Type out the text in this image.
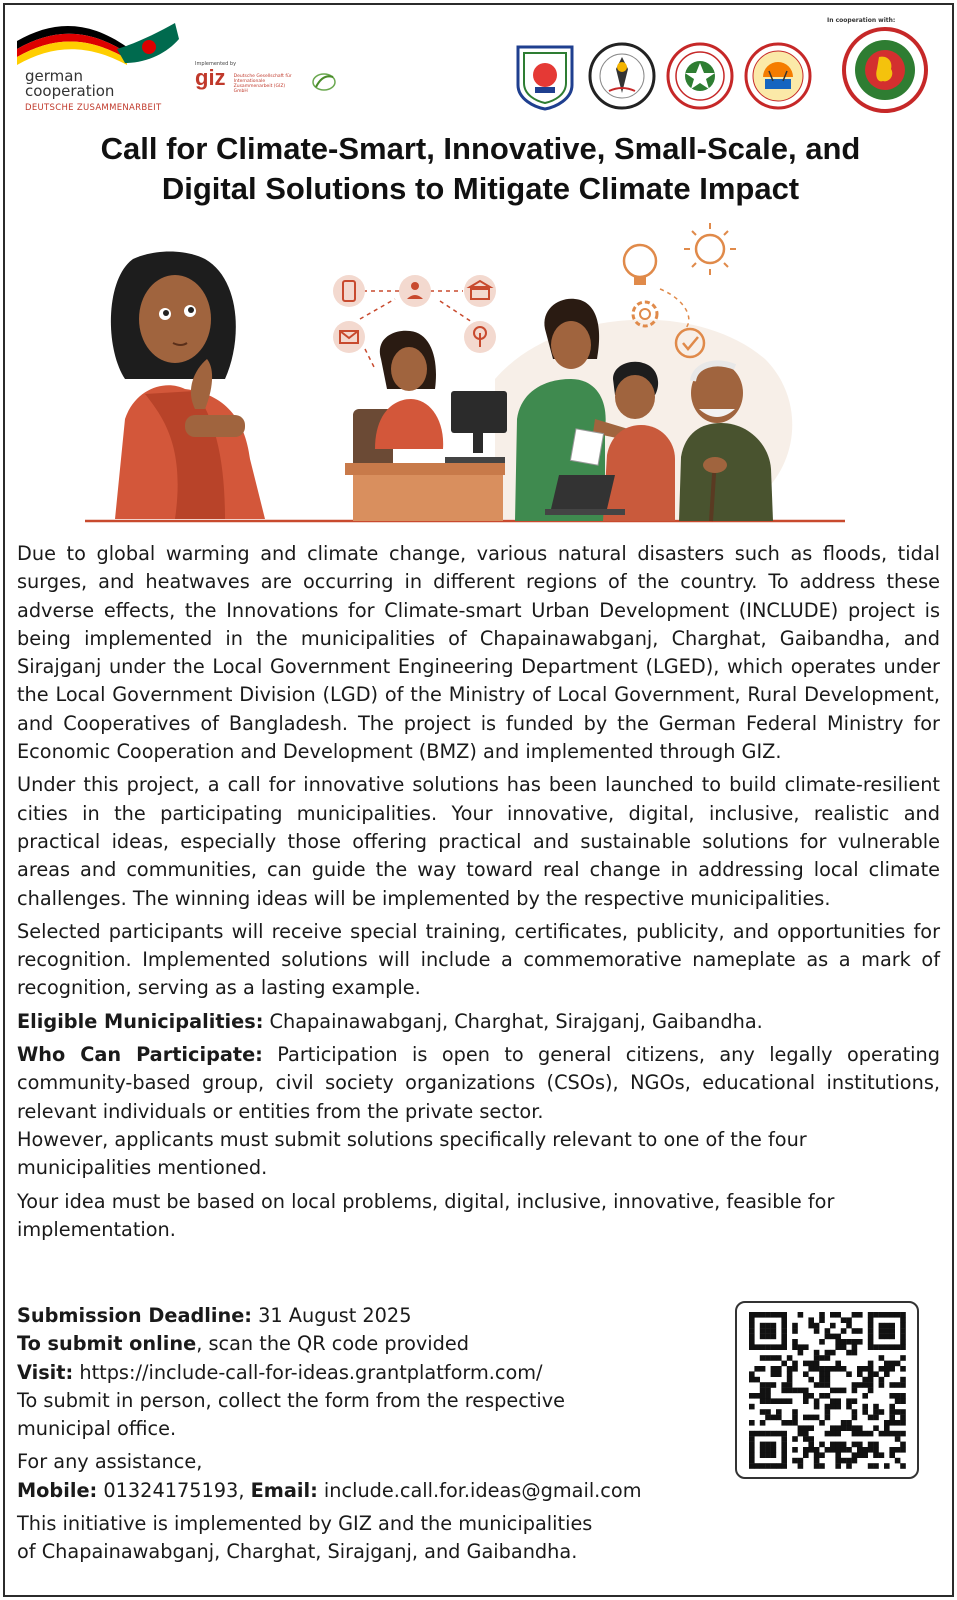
german
cooperation
DEUTSCHE ZUSAMMENARBEIT
Implemented by
giz Deutsche Gesellschaft für Internationale Zusammenarbeit (GIZ) GmbH
In cooperation with:
Call for Climate-Smart, Innovative, Small-Scale, and
Digital Solutions to Mitigate Climate Impact

Due to global warming and climate change, various natural disasters such as floods, tidal surges, and heatwaves are occurring in different regions of the country. To address these adverse effects, the Innovations for Climate-smart Urban Development (INCLUDE) project is being implemented in the municipalities of Chapainawabganj, Charghat, Gaibandha, and Sirajganj under the Local Government Engineering Department (LGED), which operates under the Local Government Division (LGD) of the Ministry of Local Government, Rural Development, and Cooperatives of Bangladesh. The project is funded by the German Federal Ministry for Economic Cooperation and Development (BMZ) and implemented through GIZ.

Under this project, a call for innovative solutions has been launched to build climate-resilient cities in the participating municipalities. Your innovative, digital, inclusive, realistic and practical ideas, especially those offering practical and sustainable solutions for vulnerable areas and communities, can guide the way toward real change in addressing local climate challenges. The winning ideas will be implemented by the respective municipalities.

Selected participants will receive special training, certificates, publicity, and opportunities for recognition. Implemented solutions will include a commemorative nameplate as a mark of recognition, serving as a lasting example.

Eligible Municipalities: Chapainawabganj, Charghat, Sirajganj, Gaibandha.

Who Can Participate: Participation is open to general citizens, any legally operating community-based group, civil society organizations (CSOs), NGOs, educational institutions, relevant individuals or entities from the private sector.

However, applicants must submit solutions specifically relevant to one of the four municipalities mentioned.

Your idea must be based on local problems, digital, inclusive, innovative, feasible for implementation.

Submission Deadline: 31 August 2025
To submit online, scan the QR code provided
Visit: https://include-call-for-ideas.grantplatform.com/
To submit in person, collect the form from the respective
municipal office.
For any assistance,
Mobile: 01324175193, Email: include.call.for.ideas@gmail.com
This initiative is implemented by GIZ and the municipalities
of Chapainawabganj, Charghat, Sirajganj, and Gaibandha.
